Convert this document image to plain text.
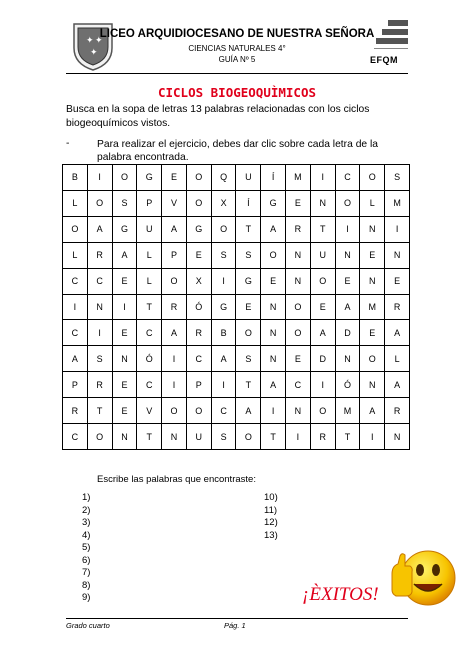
✦ ✦
✦
LICEO ARQUIDIOCESANO DE NUESTRA SEÑORA
CIENCIAS NATURALES 4°
GUÍA Nº 5	EFQM
CICLOS BIOGEOQUÌMICOS
Busca en la sopa de letras 13 palabras relacionadas con los ciclos biogeoquímicos vistos.
-	Para realizar el ejercicio, debes dar clic sobre cada letra de la palabra encontrada.
B	I	O	G	E	O	Q	U	Í	M	I	C	O	S
L	O	S	P	V	O	X	Í	G	E	N	O	L	M
O	A	G	U	A	G	O	T	A	R	T	I	N	I
L	R	A	L	P	E	S	S	O	N	U	N	E	N
C	C	E	L	O	X	I	G	E	N	O	E	N	E
I	N	I	T	R	Ó	G	E	N	O	E	A	M	R
C	I	E	C	A	R	B	O	N	O	A	D	E	A
A	S	N	Ó	I	C	A	S	N	E	D	N	O	L
P	R	E	C	I	P	I	T	A	C	I	Ó	N	A
R	T	E	V	O	O	C	A	I	N	O	M	A	R
C	O	N	T	N	U	S	O	T	I	R	T	I	N
Escribe las palabras que encontraste:
1)
2)
3)
4)
5)
6)
7)
8)
9)
10)
11)
12)
13)
¡ÈXITOS!
Grado cuarto	Pág. 1
